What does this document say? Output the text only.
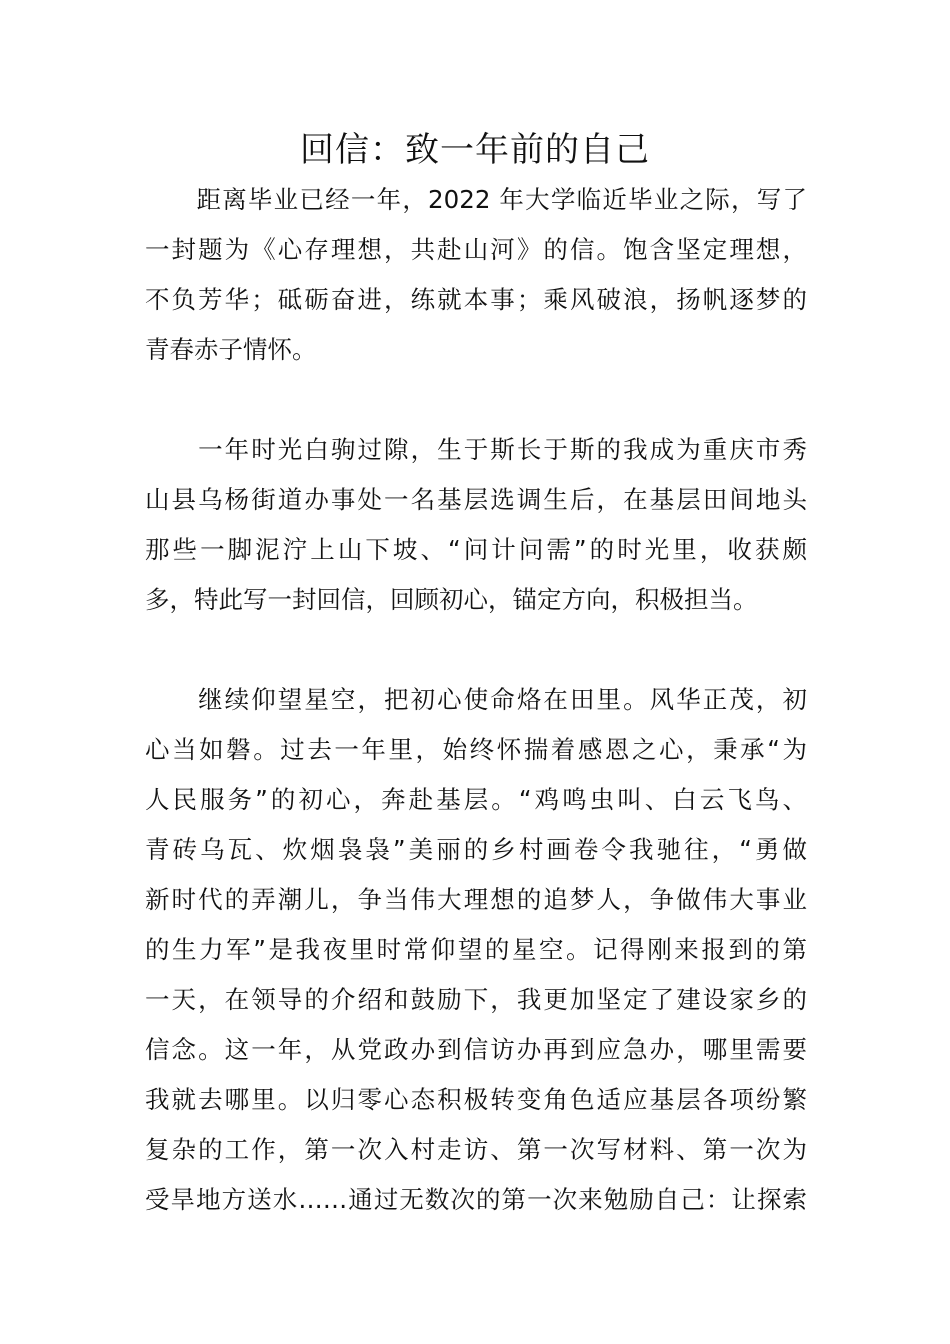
回信：致一年前的自己
　　距离毕业已经一年，2022 年大学临近毕业之际，写了
一封题为《心存理想，共赴山河》的信。饱含坚定理想，
不负芳华；砥砺奋进，练就本事；乘风破浪，扬帆逐梦的
青春赤子情怀。
　　一年时光白驹过隙，生于斯长于斯的我成为重庆市秀
山县乌杨街道办事处一名基层选调生后，在基层田间地头
那些一脚泥泞上山下坡、“问计问需”的时光里，收获颇
多，特此写一封回信，回顾初心，锚定方向，积极担当。
　　继续仰望星空，把初心使命烙在田里。风华正茂，初
心当如磐。过去一年里，始终怀揣着感恩之心，秉承“为
人民服务”的初心，奔赴基层。“鸡鸣虫叫、白云飞鸟、
青砖乌瓦、炊烟袅袅”美丽的乡村画卷令我驰往，“勇做
新时代的弄潮儿，争当伟大理想的追梦人，争做伟大事业
的生力军”是我夜里时常仰望的星空。记得刚来报到的第
一天，在领导的介绍和鼓励下，我更加坚定了建设家乡的
信念。这一年，从党政办到信访办再到应急办，哪里需要
我就去哪里。以归零心态积极转变角色适应基层各项纷繁
复杂的工作，第一次入村走访、第一次写材料、第一次为
受旱地方送水……通过无数次的第一次来勉励自己：让探索
